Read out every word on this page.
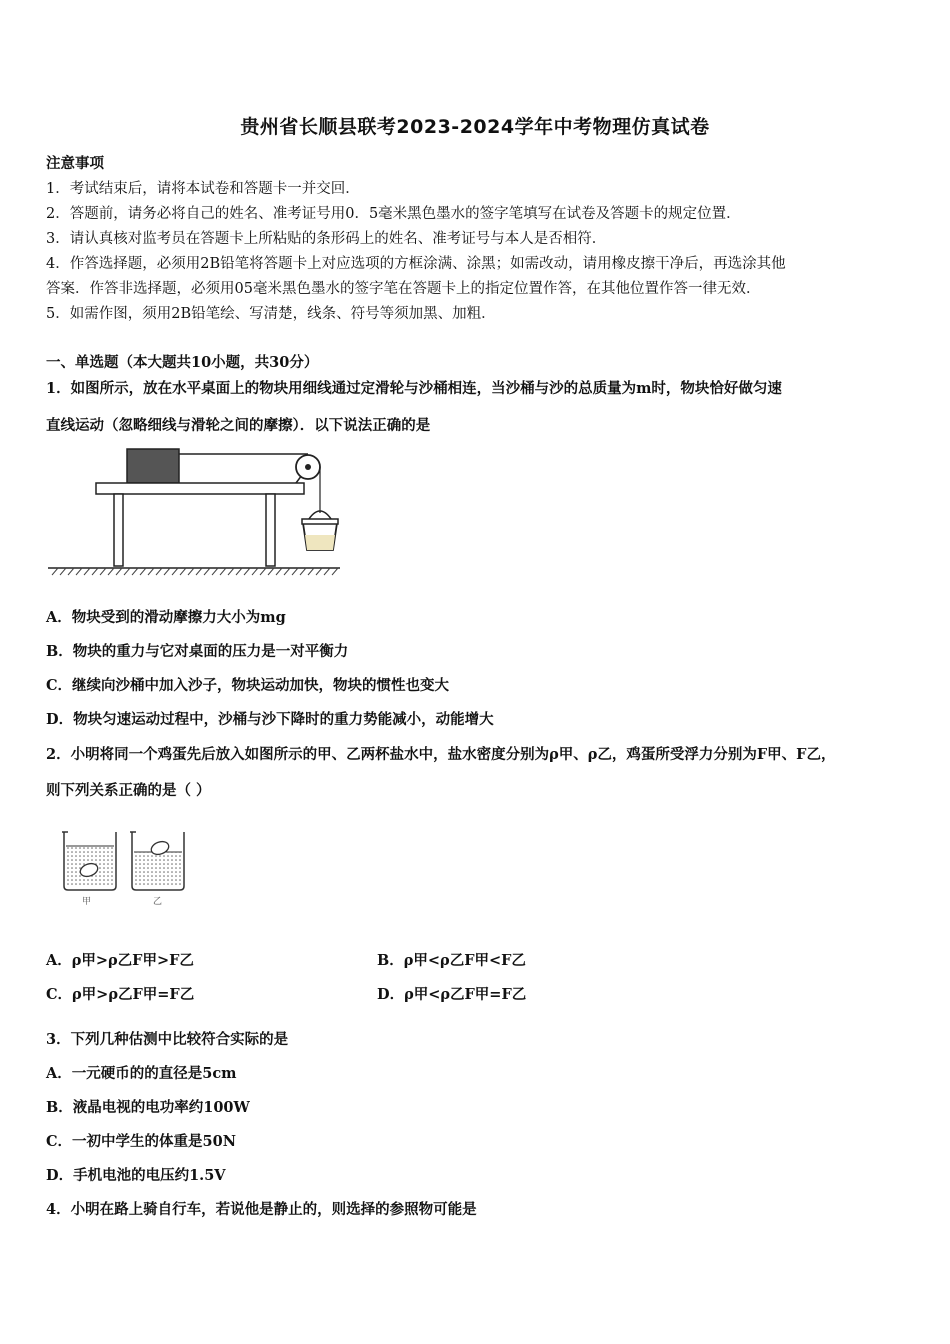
贵州省长顺县联考2023-2024学年中考物理仿真试卷
注意事项
1．考试结束后，请将本试卷和答题卡一并交回．
2．答题前，请务必将自己的姓名、准考证号用0．5毫米黑色墨水的签字笔填写在试卷及答题卡的规定位置．
3．请认真核对监考员在答题卡上所粘贴的条形码上的姓名、准考证号与本人是否相符．
4．作答选择题，必须用2B铅笔将答题卡上对应选项的方框涂满、涂黑；如需改动，请用橡皮擦干净后，再选涂其他
答案．作答非选择题，必须用05毫米黑色墨水的签字笔在答题卡上的指定位置作答，在其他位置作答一律无效．
5．如需作图，须用2B铅笔绘、写清楚，线条、符号等须加黑、加粗．
一、单选题（本大题共10小题，共30分）
1．如图所示，放在水平桌面上的物块用细线通过定滑轮与沙桶相连，当沙桶与沙的总质量为m时，物块恰好做匀速
直线运动（忽略细线与滑轮之间的摩擦）．以下说法正确的是
A．物块受到的滑动摩擦力大小为mg
B．物块的重力与它对桌面的压力是一对平衡力
C．继续向沙桶中加入沙子，物块运动加快，物块的惯性也变大
D．物块匀速运动过程中，沙桶与沙下降时的重力势能减小，动能增大
2．小明将同一个鸡蛋先后放入如图所示的甲、乙两杯盐水中，盐水密度分别为ρ甲、ρ乙，鸡蛋所受浮力分别为F甲、F乙，
则下列关系正确的是（ ）
甲	乙
A．ρ甲>ρ乙F甲>F乙	B．ρ甲<ρ乙F甲<F乙
C．ρ甲>ρ乙F甲=F乙	D．ρ甲<ρ乙F甲=F乙
3．下列几种估测中比较符合实际的是
A．一元硬币的的直径是5cm
B．液晶电视的电功率约100W
C．一初中学生的体重是50N
D．手机电池的电压约1.5V
4．小明在路上骑自行车，若说他是静止的，则选择的参照物可能是
